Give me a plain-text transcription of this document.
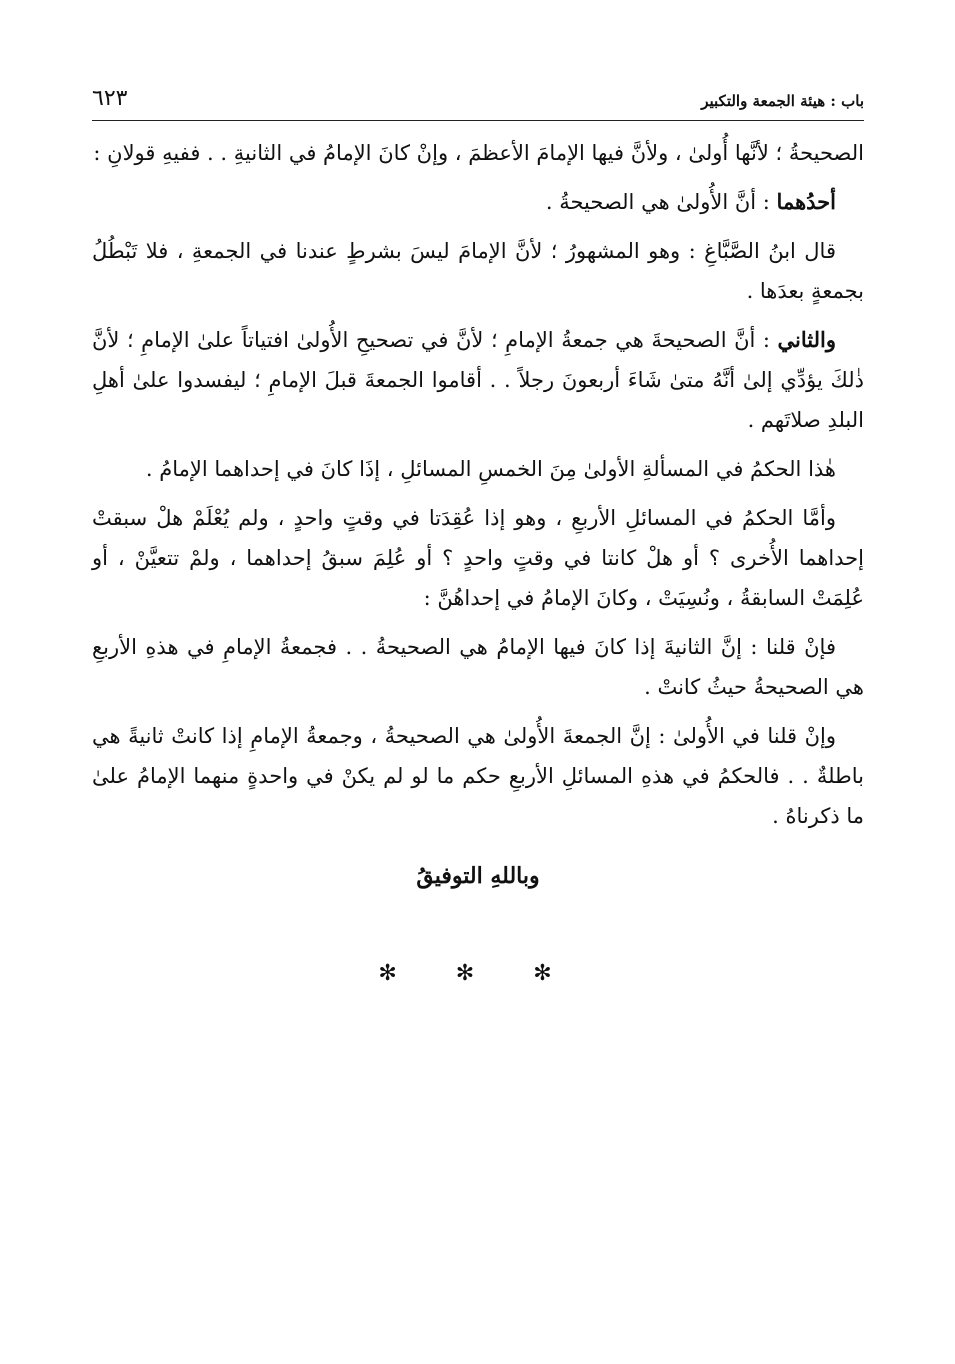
باب : هيئة الجمعة والتكبير
٦٢٣

الصحيحةُ ؛ لأنَّها أُولىٰ ، ولأنَّ فيها الإمامَ الأعظمَ ، وإنْ كانَ الإمامُ في الثانيةِ . . ففيهِ قولانِ :

أحدُهما : أنَّ الأُولىٰ هي الصحيحةُ .

قال ابنُ الصَّبَّاغِ : وهو المشهورُ ؛ لأنَّ الإمامَ ليسَ بشرطٍ عندنا في الجمعةِ ، فلا تَبْطُلُ بجمعةٍ بعدَها .

والثاني : أنَّ الصحيحةَ هي جمعةُ الإمامِ ؛ لأنَّ في تصحيحِ الأُولىٰ افتياتاً علىٰ الإمامِ ؛ لأنَّ ذٰلكَ يؤدِّي إلىٰ أنَّهُ متىٰ شَاءَ أربعونَ رجلاً . . أقاموا الجمعةَ قبلَ الإمامِ ؛ ليفسدوا علىٰ أهلِ البلدِ صلاتَهم .

هٰذا الحكمُ في المسألةِ الأولىٰ مِنَ الخمسِ المسائلِ ، إذَا كانَ في إحداهما الإمامُ .

وأمَّا الحكمُ في المسائلِ الأربعِ ، وهو إذا عُقِدَتا في وقتٍ واحدٍ ، ولم يُعْلَمْ هلْ سبقتْ إحداهما الأُخرى ؟ أو هلْ كانتا في وقتٍ واحدٍ ؟ أو عُلِمَ سبقُ إحداهما ، ولمْ تتعيَّنْ ، أو عُلِمَتْ السابقةُ ، ونُسِيَتْ ، وكانَ الإمامُ في إحداهُنَّ :

فإنْ قلنا : إنَّ الثانيةَ إذا كانَ فيها الإمامُ هي الصحيحةُ . . فجمعةُ الإمامِ في هذهِ الأربعِ هي الصحيحةُ حيثُ كانتْ .

وإنْ قلنا في الأُولىٰ : إنَّ الجمعةَ الأُولىٰ هي الصحيحةُ ، وجمعةُ الإمامِ إذا كانتْ ثانيةً هي باطلةٌ . . فالحكمُ في هذهِ المسائلِ الأربعِ حكم ما لو لم يكنْ في واحدةٍ منهما الإمامُ علىٰ ما ذكرناهُ .

وباللهِ التوفيقُ
✻ ✻ ✻
